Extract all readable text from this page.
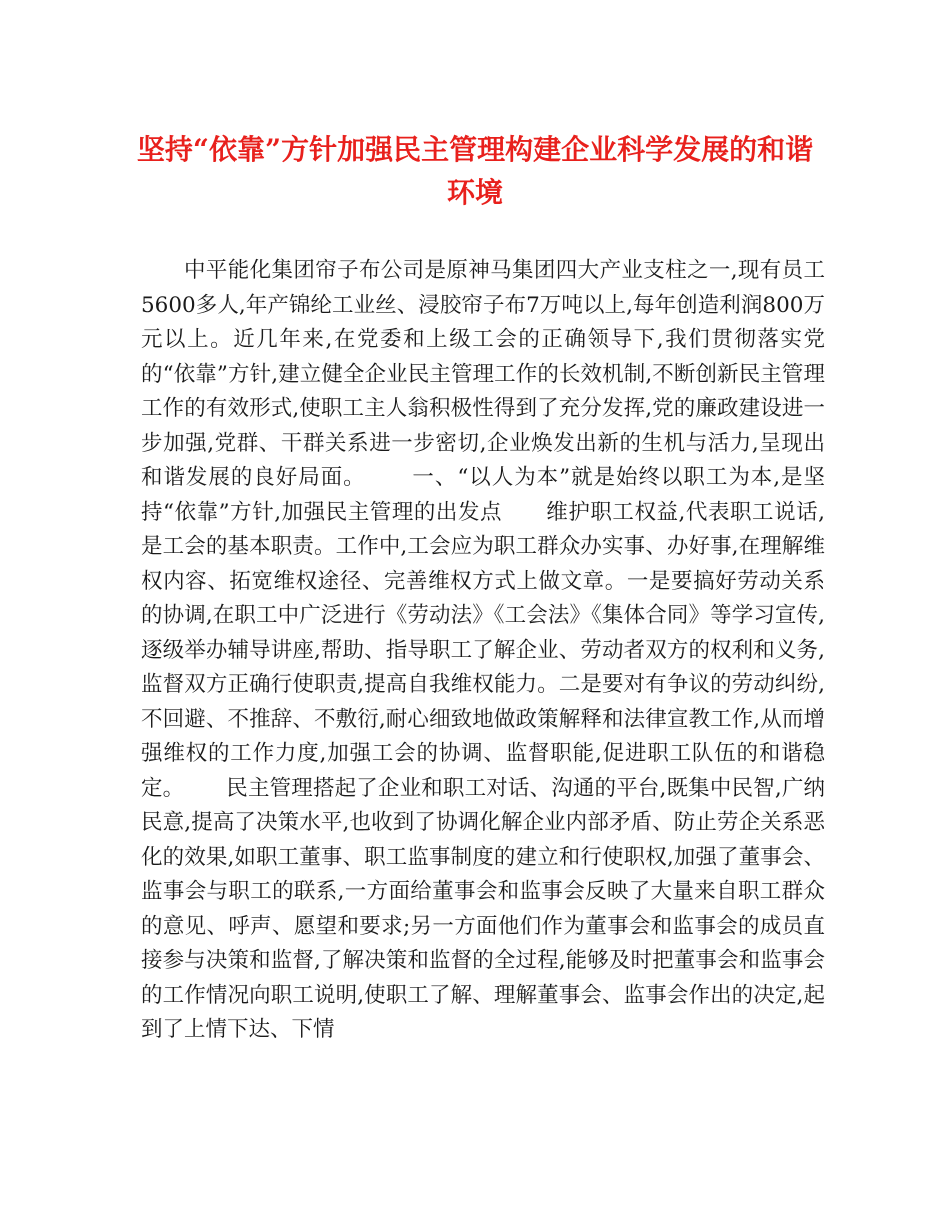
坚持“依靠”方针加强民主管理构建企业科学发展的和谐环境

中平能化集团帘子布公司是原神马集团四大产业支柱之一,现有员工5600多人,年产锦纶工业丝、浸胶帘子布7万吨以上,每年创造利润800万元以上。近几年来,在党委和上级工会的正确领导下,我们贯彻落实党的“依靠”方针,建立健全企业民主管理工作的长效机制,不断创新民主管理工作的有效形式,使职工主人翁积极性得到了充分发挥,党的廉政建设进一步加强,党群、干群关系进一步密切,企业焕发出新的生机与活力,呈现出和谐发展的良好局面。      一、“以人为本”就是始终以职工为本,是坚持“依靠”方针,加强民主管理的出发点      维护职工权益,代表职工说话,是工会的基本职责。工作中,工会应为职工群众办实事、办好事,在理解维权内容、拓宽维权途径、完善维权方式上做文章。一是要搞好劳动关系的协调,在职工中广泛进行《劳动法》《工会法》《集体合同》等学习宣传,逐级举办辅导讲座,帮助、指导职工了解企业、劳动者双方的权利和义务,监督双方正确行使职责,提高自我维权能力。二是要对有争议的劳动纠纷,不回避、不推辞、不敷衍,耐心细致地做政策解释和法律宣教工作,从而增强维权的工作力度,加强工会的协调、监督职能,促进职工队伍的和谐稳定。      民主管理搭起了企业和职工对话、沟通的平台,既集中民智,广纳民意,提高了决策水平,也收到了协调化解企业内部矛盾、防止劳企关系恶化的效果,如职工董事、职工监事制度的建立和行使职权,加强了董事会、监事会与职工的联系,一方面给董事会和监事会反映了大量来自职工群众的意见、呼声、愿望和要求;另一方面他们作为董事会和监事会的成员直接参与决策和监督,了解决策和监督的全过程,能够及时把董事会和监事会的工作情况向职工说明,使职工了解、理解董事会、监事会作出的决定,起到了上情下达、下情
